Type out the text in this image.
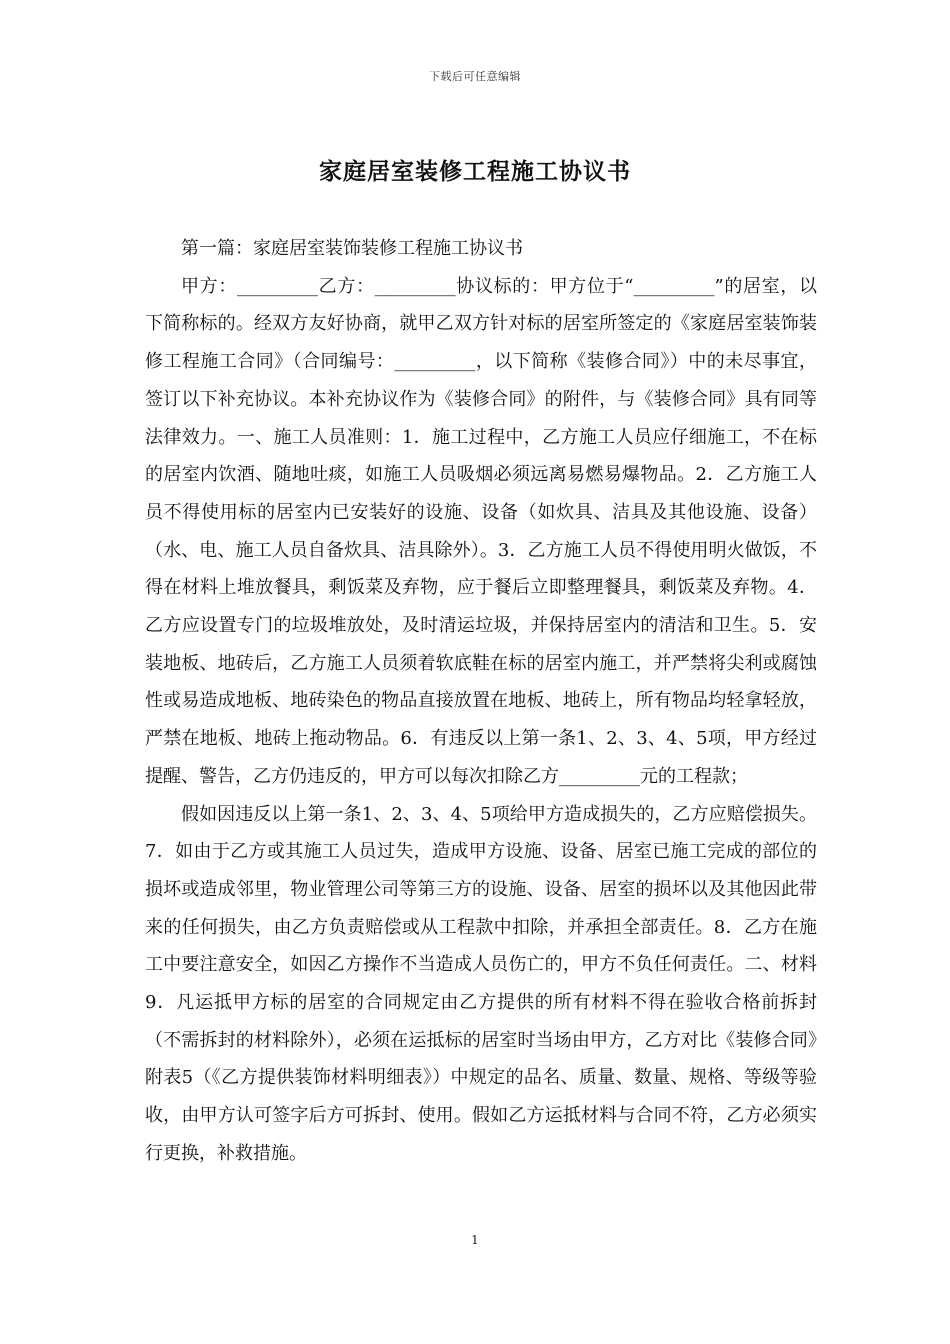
下载后可任意编辑
家庭居室装修工程施工协议书

第一篇：家庭居室装饰装修工程施工协议书

甲方：_________乙方：_________协议标的：甲方位于“_________”的居室，以下简称标的。经双方友好协商，就甲乙双方针对标的居室所签定的《家庭居室装饰装修工程施工合同》（合同编号：_________，以下简称《装修合同》）中的未尽事宜，签订以下补充协议。本补充协议作为《装修合同》的附件，与《装修合同》具有同等法律效力。一、施工人员准则：1．施工过程中，乙方施工人员应仔细施工，不在标的居室内饮酒、随地吐痰，如施工人员吸烟必须远离易燃易爆物品。2．乙方施工人员不得使用标的居室内已安装好的设施、设备（如炊具、洁具及其他设施、设备）（水、电、施工人员自备炊具、洁具除外）。3．乙方施工人员不得使用明火做饭，不得在材料上堆放餐具，剩饭菜及弃物，应于餐后立即整理餐具，剩饭菜及弃物。4．乙方应设置专门的垃圾堆放处，及时清运垃圾，并保持居室内的清洁和卫生。5．安装地板、地砖后，乙方施工人员须着软底鞋在标的居室内施工，并严禁将尖利或腐蚀性或易造成地板、地砖染色的物品直接放置在地板、地砖上，所有物品均轻拿轻放，严禁在地板、地砖上拖动物品。6．有违反以上第一条1、2、3、4、5项，甲方经过提醒、警告，乙方仍违反的，甲方可以每次扣除乙方_________元的工程款；

假如因违反以上第一条1、2、3、4、5项给甲方造成损失的，乙方应赔偿损失。7．如由于乙方或其施工人员过失，造成甲方设施、设备、居室已施工完成的部位的损坏或造成邻里，物业管理公司等第三方的设施、设备、居室的损坏以及其他因此带来的任何损失，由乙方负责赔偿或从工程款中扣除，并承担全部责任。8．乙方在施工中要注意安全，如因乙方操作不当造成人员伤亡的，甲方不负任何责任。二、材料9．凡运抵甲方标的居室的合同规定由乙方提供的所有材料不得在验收合格前拆封（不需拆封的材料除外），必须在运抵标的居室时当场由甲方，乙方对比《装修合同》附表5（《乙方提供装饰材料明细表》）中规定的品名、质量、数量、规格、等级等验收，由甲方认可签字后方可拆封、使用。假如乙方运抵材料与合同不符，乙方必须实行更换，补救措施。

1
